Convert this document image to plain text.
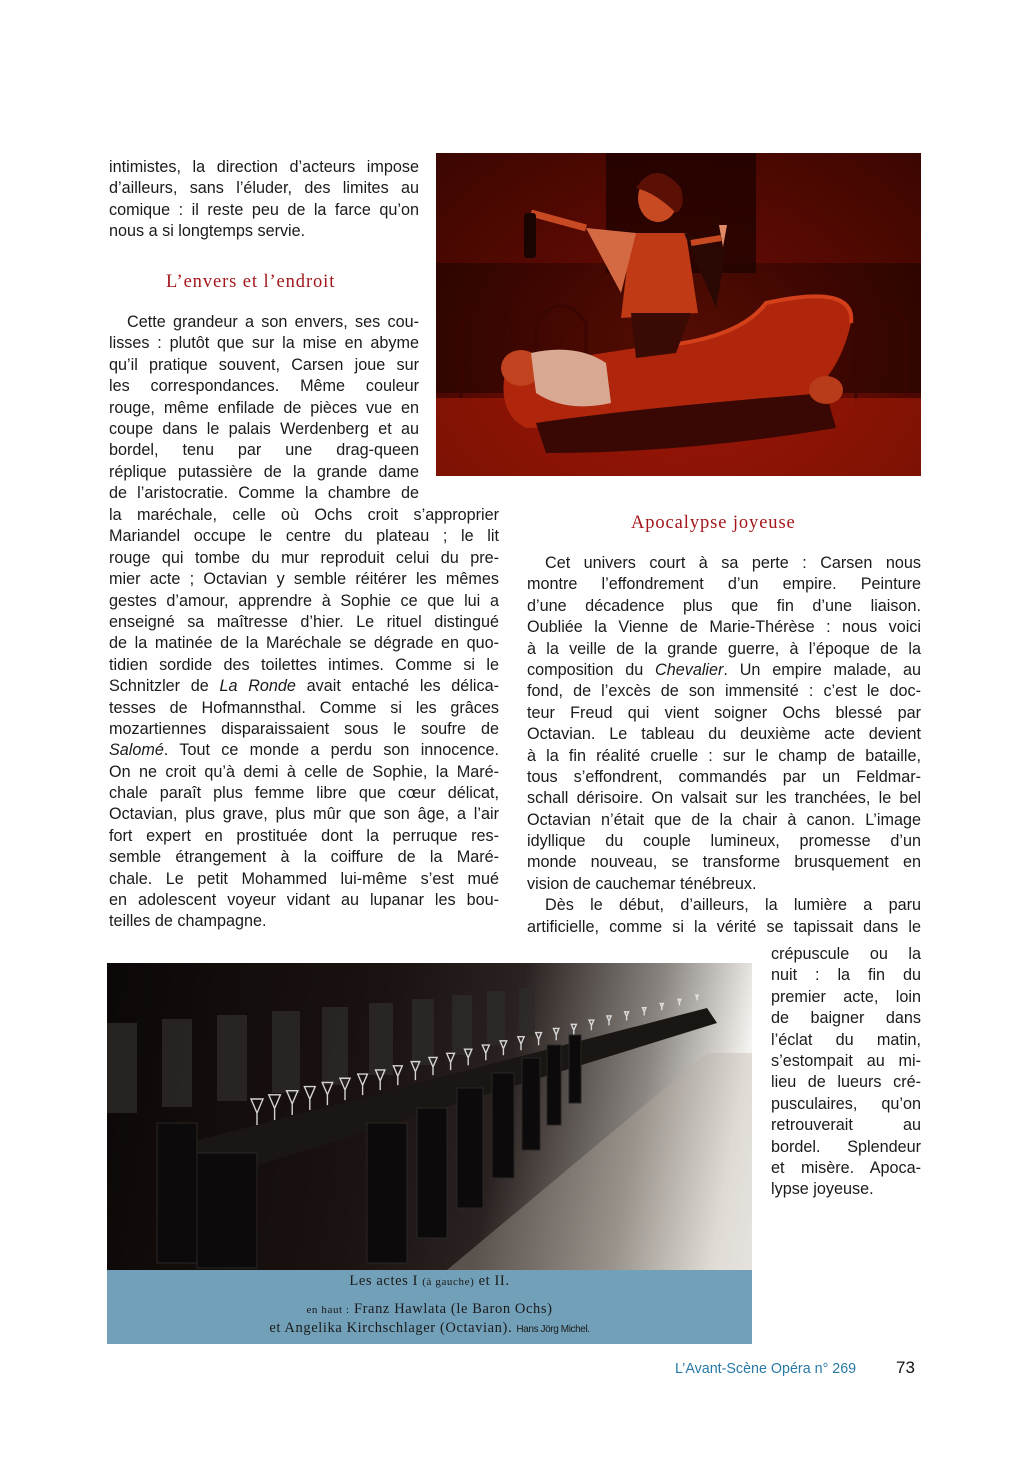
intimistes, la direction d’acteurs impose
d’ailleurs, sans l’éluder, des limites au
comique : il reste peu de la farce qu’on
nous a si longtemps servie.
L’envers et l’endroit
Cette grandeur a son envers, ses cou-
lisses : plutôt que sur la mise en abyme
qu’il pratique souvent, Carsen joue sur
les correspondances. Même couleur
rouge, même enfilade de pièces vue en
coupe dans le palais Werdenberg et au
bordel, tenu par une drag-queen
réplique putassière de la grande dame
de l’aristocratie. Comme la chambre de
la maréchale, celle où Ochs croit s’approprier
Mariandel occupe le centre du plateau ; le lit
rouge qui tombe du mur reproduit celui du pre-
mier acte ; Octavian y semble réitérer les mêmes
gestes d’amour, apprendre à Sophie ce que lui a
enseigné sa maîtresse d’hier. Le rituel distingué
de la matinée de la Maréchale se dégrade en quo-
tidien sordide des toilettes intimes. Comme si le
Schnitzler de La Ronde avait entaché les délica-
tesses de Hofmannsthal. Comme si les grâces
mozartiennes disparaissaient sous le soufre de
Salomé. Tout ce monde a perdu son innocence.
On ne croit qu’à demi à celle de Sophie, la Maré-
chale paraît plus femme libre que cœur délicat,
Octavian, plus grave, plus mûr que son âge, a l’air
fort expert en prostituée dont la perruque res-
semble étrangement à la coiffure de la Maré-
chale. Le petit Mohammed lui-même s’est mué
en adolescent voyeur vidant au lupanar les bou-
teilles de champagne.
Apocalypse joyeuse
Cet univers court à sa perte : Carsen nous
montre l’effondrement d’un empire. Peinture
d’une décadence plus que fin d’une liaison.
Oubliée la Vienne de Marie-Thérèse : nous voici
à la veille de la grande guerre, à l’époque de la
composition du Chevalier. Un empire malade, au
fond, de l’excès de son immensité : c’est le doc-
teur Freud qui vient soigner Ochs blessé par
Octavian. Le tableau du deuxième acte devient
à la fin réalité cruelle : sur le champ de bataille,
tous s’effondrent, commandés par un Feldmar-
schall dérisoire. On valsait sur les tranchées, le bel
Octavian n’était que de la chair à canon. L’image
idyllique du couple lumineux, promesse d’un
monde nouveau, se transforme brusquement en
vision de cauchemar ténébreux.
Dès le début, d’ailleurs, la lumière a paru
artificielle, comme si la vérité se tapissait dans le
crépuscule ou la
nuit : la fin du
premier acte, loin
de baigner dans
l’éclat du matin,
s’estompait au mi-
lieu de lueurs cré-
pusculaires, qu’on
retrouverait au
bordel. Splendeur
et misère. Apoca-
lypse joyeuse.
Les actes I (à gauche) et II.
en haut : Franz Hawlata (le Baron Ochs)
et Angelika Kirchschlager (Octavian). Hans Jörg Michel.
L’Avant-Scène Opéra n° 269 73
